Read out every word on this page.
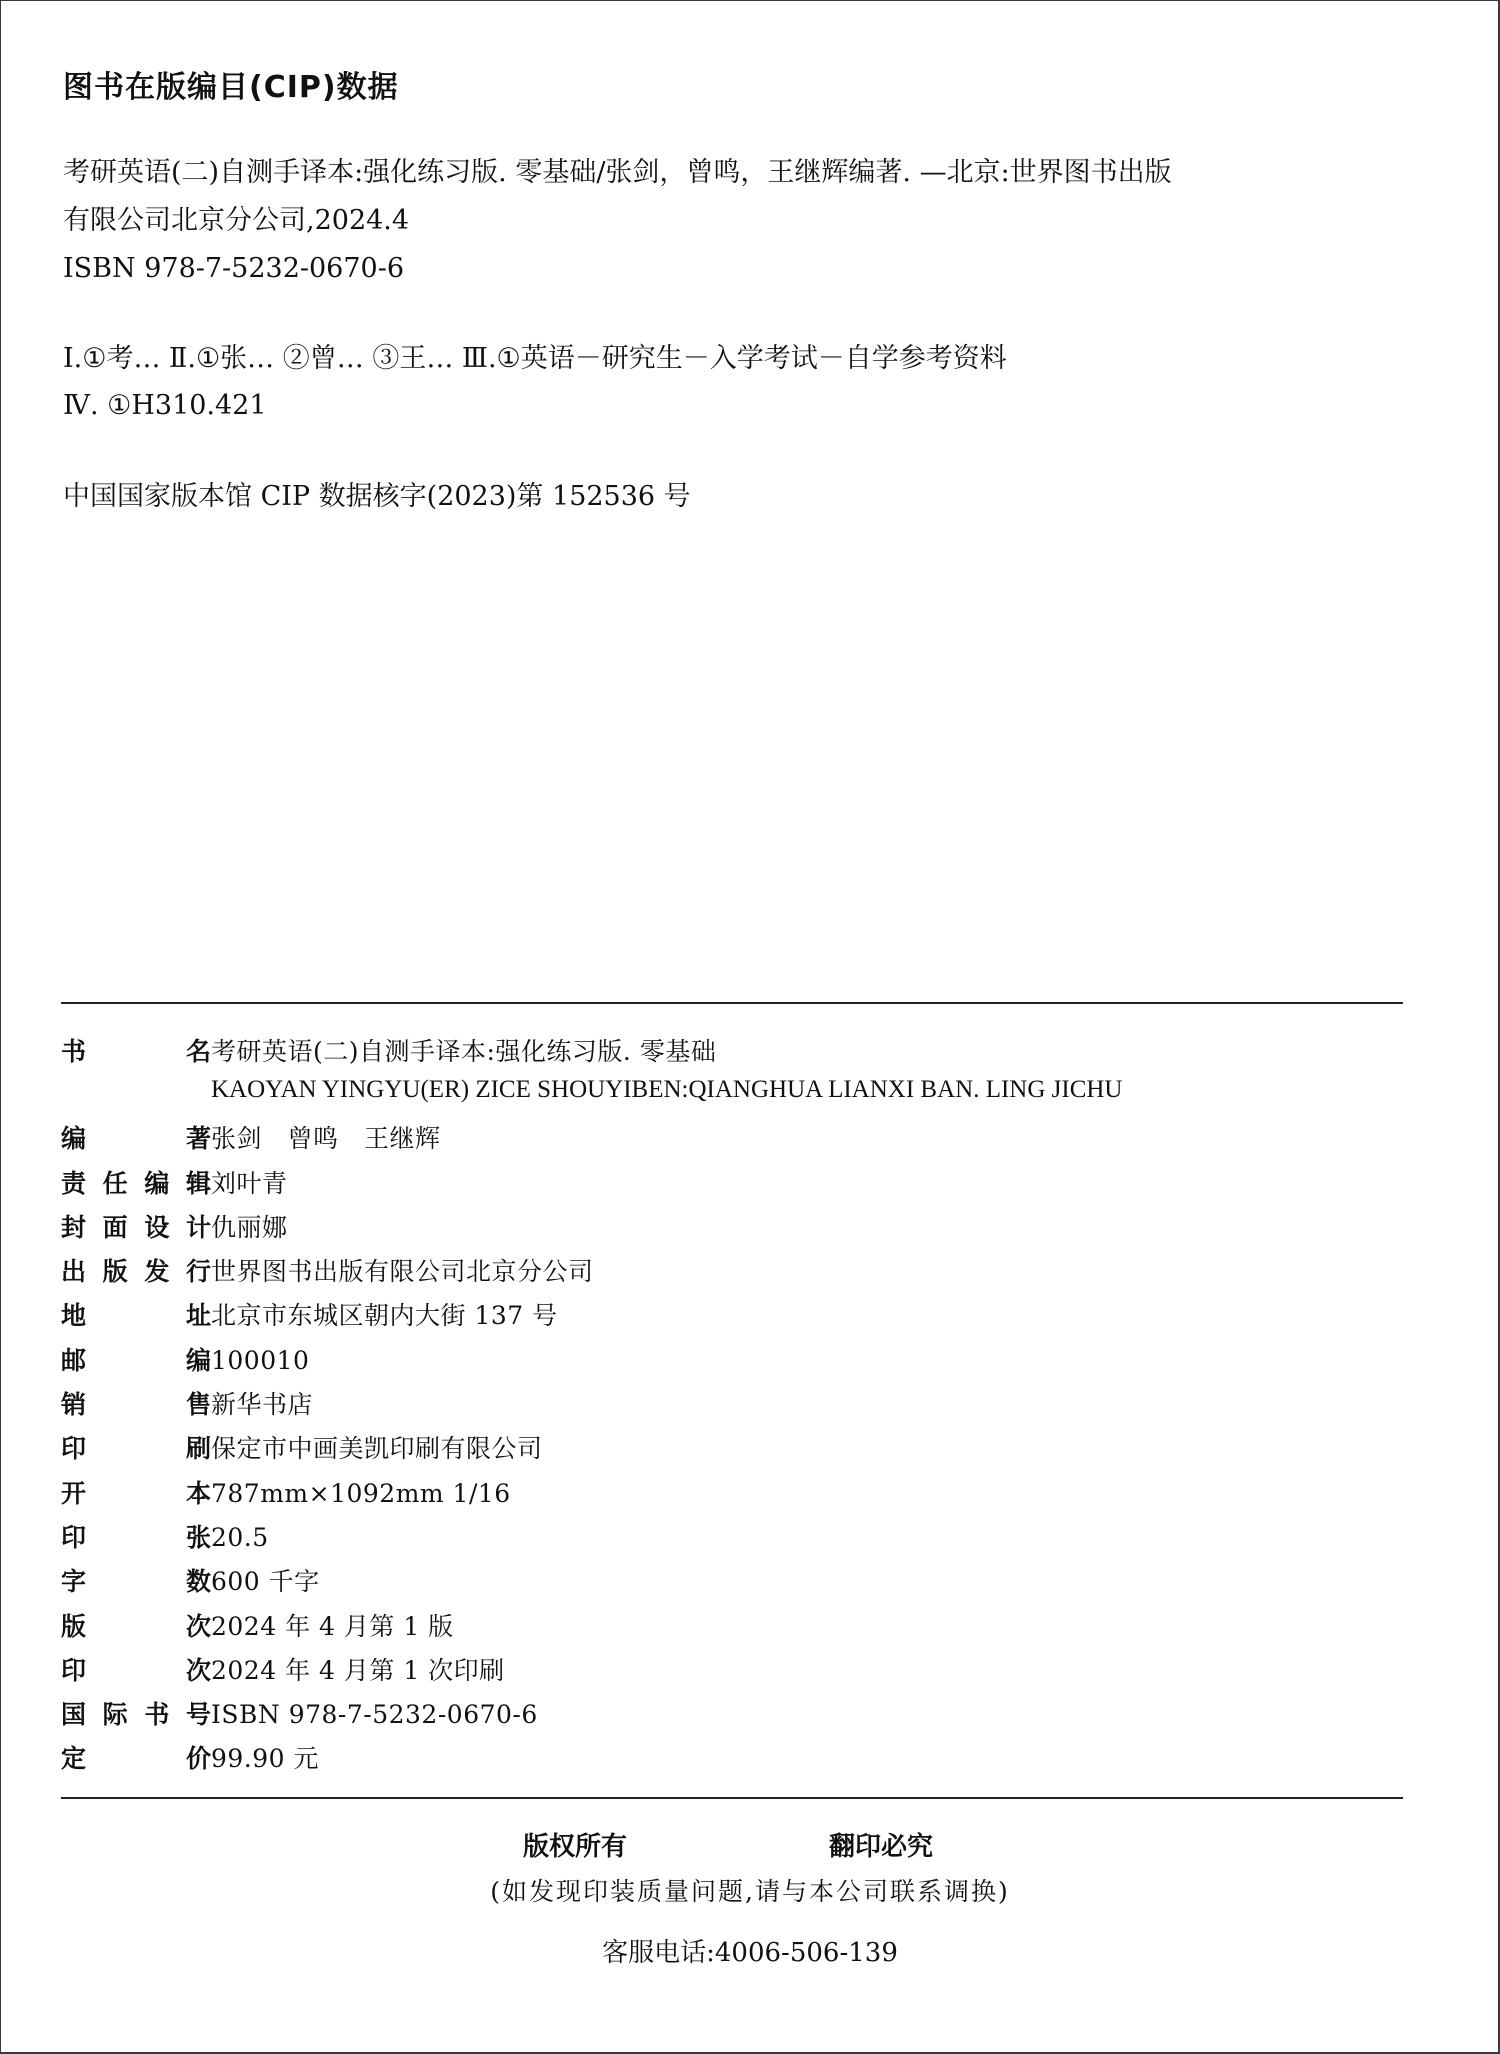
图书在版编目(CIP)数据
考研英语(二)自测手译本:强化练习版. 零基础/张剑，曾鸣，王继辉编著. —北京:世界图书出版
有限公司北京分公司,2024.4
ISBN 978-7-5232-0670-6
Ⅰ.①考… Ⅱ.①张… ②曾… ③王… Ⅲ.①英语－研究生－入学考试－自学参考资料
Ⅳ. ①H310.421
中国国家版本馆 CIP 数据核字(2023)第 152536 号
书	名 考研英语(二)自测手译本:强化练习版. 零基础
KAOYAN YINGYU(ER) ZICE SHOUYIBEN:QIANGHUA LIANXI BAN. LING JICHU
编	著 张剑　曾鸣　王继辉
责 任 编 辑 刘叶青
封 面 设 计 仇丽娜
出 版 发 行 世界图书出版有限公司北京分公司
地	址 北京市东城区朝内大街 137 号
邮	编 100010
销	售 新华书店
印	刷 保定市中画美凯印刷有限公司
开	本 787mm×1092mm 1/16
印	张 20.5
字	数 600 千字
版	次 2024 年 4 月第 1 版
印	次 2024 年 4 月第 1 次印刷
国 际 书 号 ISBN 978-7-5232-0670-6
定	价 99.90 元
版权所有	翻印必究
(如发现印装质量问题,请与本公司联系调换)
客服电话:4006-506-139
